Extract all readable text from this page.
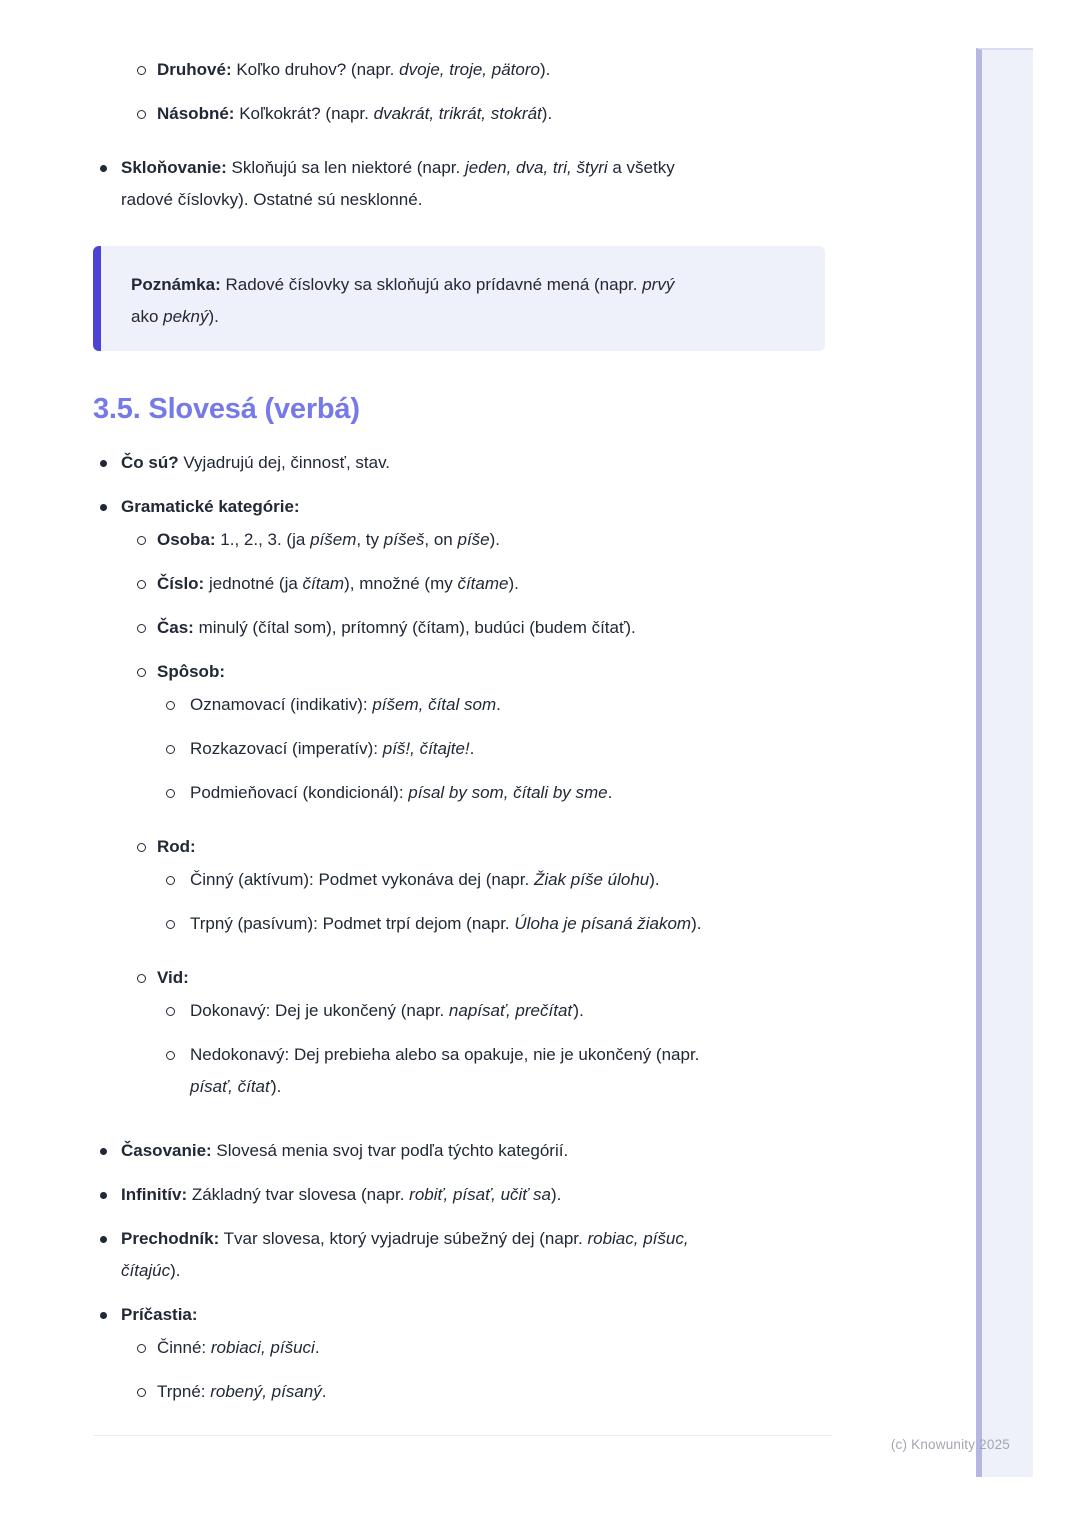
Druhové: Koľko druhov? (napr. dvoje, troje, pätoro).
Násobné: Koľkokrát? (napr. dvakrát, trikrát, stokrát).
Skloňovanie: Skloňujú sa len niektoré (napr. jeden, dva, tri, štyri a všetky
radové číslovky). Ostatné sú nesklonné.

Poznámka: Radové číslovky sa skloňujú ako prídavné mená (napr. prvý
ako pekný).

3.5. Slovesá (verbá)
Čo sú? Vyjadrujú dej, činnosť, stav.
Gramatické kategórie:
Osoba: 1., 2., 3. (ja píšem, ty píšeš, on píše).
Číslo: jednotné (ja čítam), množné (my čítame).
Čas: minulý (čítal som), prítomný (čítam), budúci (budem čítať).
Spôsob:
Oznamovací (indikativ): píšem, čítal som.
Rozkazovací (imperatív): píš!, čítajte!.
Podmieňovací (kondicionál): písal by som, čítali by sme.
Rod:
Činný (aktívum): Podmet vykonáva dej (napr. Žiak píše úlohu).
Trpný (pasívum): Podmet trpí dejom (napr. Úloha je písaná žiakom).
Vid:
Dokonavý: Dej je ukončený (napr. napísať, prečítať).
Nedokonavý: Dej prebieha alebo sa opakuje, nie je ukončený (napr.
písať, čítať).
Časovanie: Slovesá menia svoj tvar podľa týchto kategórií.
Infinitív: Základný tvar slovesa (napr. robiť, písať, učiť sa).
Prechodník: Tvar slovesa, ktorý vyjadruje súbežný dej (napr. robiac, píšuc,
čítajúc).
Príčastia:
Činné: robiaci, píšuci.
Trpné: robený, písaný.
(c) Knowunity 2025
